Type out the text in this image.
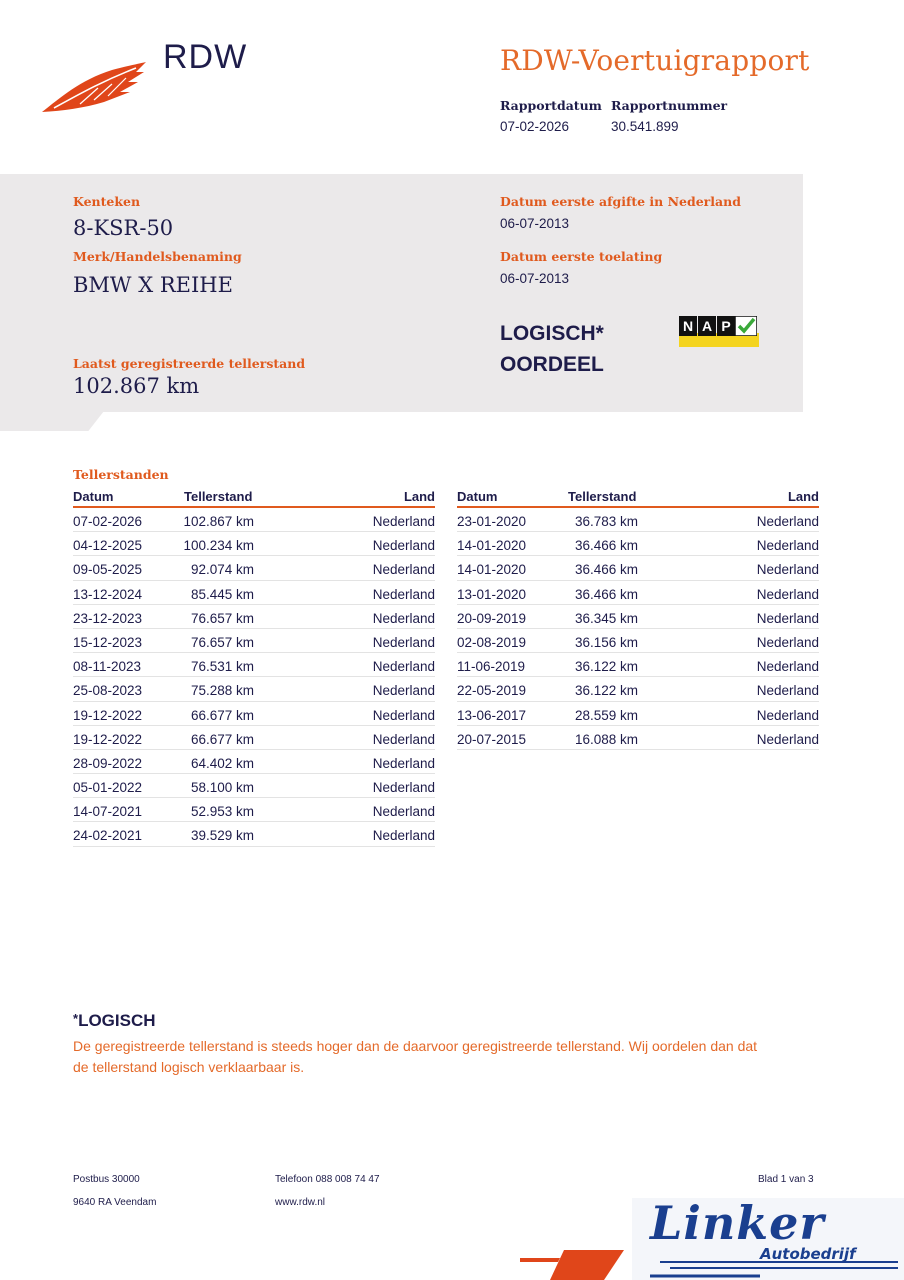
RDW	RDW-Voertuigrapport
Rapportdatum
07-02-2026
Rapportnummer
30.541.899
Kenteken
8-KSR-50
Merk/Handelsbenaming
BMW X REIHE
Laatst geregistreerde tellerstand
102.867 km
Datum eerste afgifte in Nederland
06-07-2013
Datum eerste toelating
06-07-2013
LOGISCH*
OORDEEL
N A P
Tellerstanden
Datum	Tellerstand	Land
07-02-2026	102.867 km	Nederland
04-12-2025	100.234 km	Nederland
09-05-2025	92.074 km	Nederland
13-12-2024	85.445 km	Nederland
23-12-2023	76.657 km	Nederland
15-12-2023	76.657 km	Nederland
08-11-2023	76.531 km	Nederland
25-08-2023	75.288 km	Nederland
19-12-2022	66.677 km	Nederland
19-12-2022	66.677 km	Nederland
28-09-2022	64.402 km	Nederland
05-01-2022	58.100 km	Nederland
14-07-2021	52.953 km	Nederland
24-02-2021	39.529 km	Nederland
Datum	Tellerstand	Land
23-01-2020	36.783 km	Nederland
14-01-2020	36.466 km	Nederland
14-01-2020	36.466 km	Nederland
13-01-2020	36.466 km	Nederland
20-09-2019	36.345 km	Nederland
02-08-2019	36.156 km	Nederland
11-06-2019	36.122 km	Nederland
22-05-2019	36.122 km	Nederland
13-06-2017	28.559 km	Nederland
20-07-2015	16.088 km	Nederland
*LOGISCH
De geregistreerde tellerstand is steeds hoger dan de daarvoor geregistreerde tellerstand. Wij oordelen dan dat de tellerstand logisch verklaarbaar is.
Postbus 30000
9640 RA Veendam
Telefoon 088 008 74 47
www.rdw.nl
Blad 1 van 3
Linker
Autobedrijf
